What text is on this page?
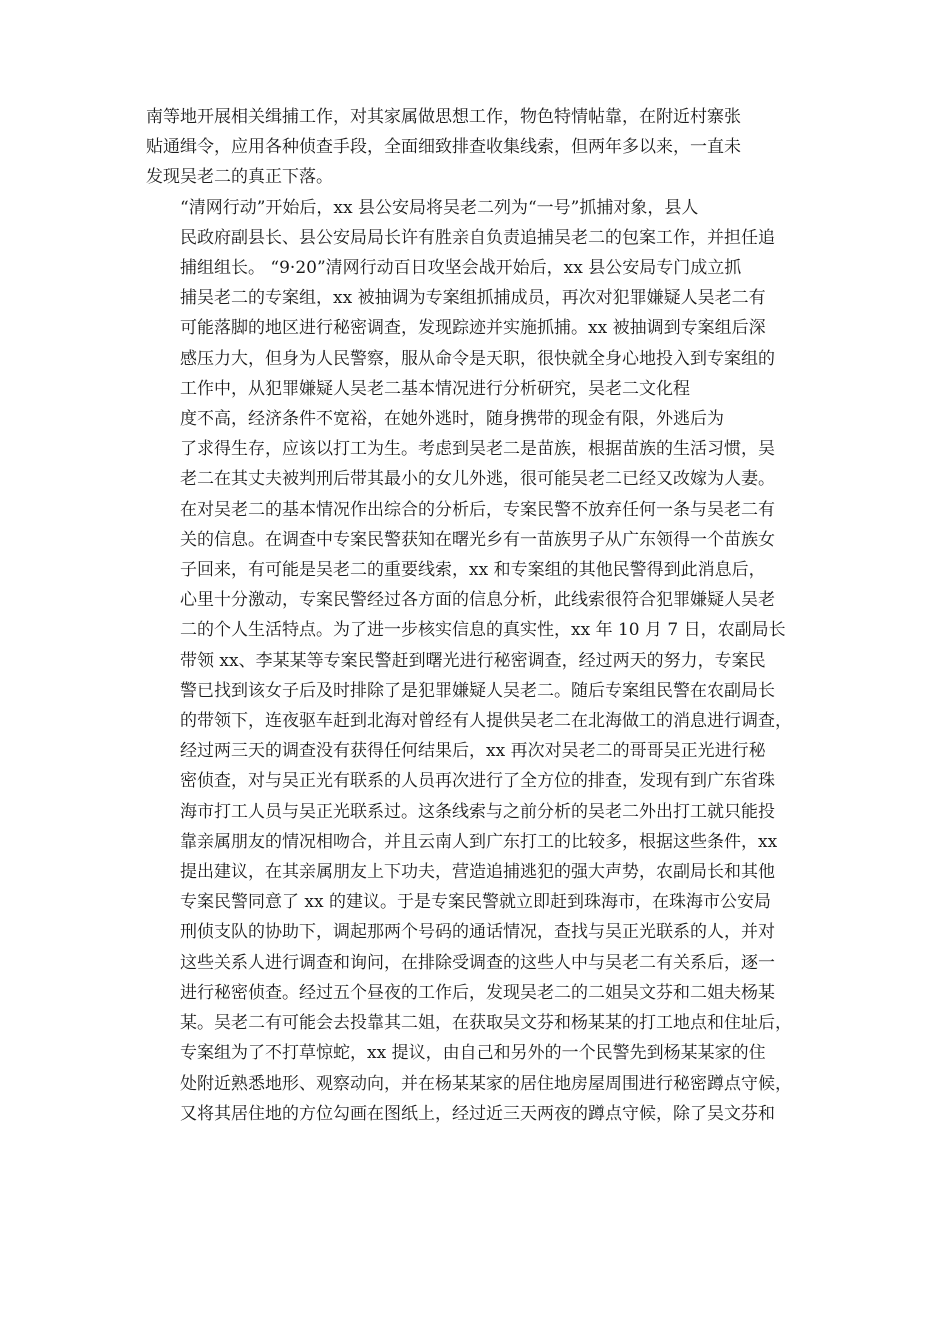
南等地开展相关缉捕工作，对其家属做思想工作，物色特情帖靠，在附近村寨张
贴通缉令，应用各种侦查手段，全面细致排查收集线索，但两年多以来，一直未
发现吴老二的真正下落。
“清网行动”开始后，xx 县公安局将吴老二列为“一号”抓捕对象，县人
民政府副县长、县公安局局长许有胜亲自负责追捕吴老二的包案工作，并担任追
捕组组长。 “9·20”清网行动百日攻坚会战开始后，xx 县公安局专门成立抓
捕吴老二的专案组，xx 被抽调为专案组抓捕成员，再次对犯罪嫌疑人吴老二有
可能落脚的地区进行秘密调查，发现踪迹并实施抓捕。xx 被抽调到专案组后深
感压力大，但身为人民警察，服从命令是天职，很快就全身心地投入到专案组的
工作中，从犯罪嫌疑人吴老二基本情况进行分析研究，吴老二文化程
度不高，经济条件不宽裕，在她外逃时，随身携带的现金有限，外逃后为
了求得生存，应该以打工为生。考虑到吴老二是苗族，根据苗族的生活习惯，吴
老二在其丈夫被判刑后带其最小的女儿外逃，很可能吴老二已经又改嫁为人妻。
在对吴老二的基本情况作出综合的分析后，专案民警不放弃任何一条与吴老二有
关的信息。在调查中专案民警获知在曙光乡有一苗族男子从广东领得一个苗族女
子回来，有可能是吴老二的重要线索，xx 和专案组的其他民警得到此消息后，
心里十分激动，专案民警经过各方面的信息分析，此线索很符合犯罪嫌疑人吴老
二的个人生活特点。为了进一步核实信息的真实性，xx 年 10 月 7 日，农副局长
带领 xx、李某某等专案民警赶到曙光进行秘密调查，经过两天的努力，专案民
警已找到该女子后及时排除了是犯罪嫌疑人吴老二。随后专案组民警在农副局长
的带领下，连夜驱车赶到北海对曾经有人提供吴老二在北海做工的消息进行调查，
经过两三天的调查没有获得任何结果后，xx 再次对吴老二的哥哥吴正光进行秘
密侦查，对与吴正光有联系的人员再次进行了全方位的排查，发现有到广东省珠
海市打工人员与吴正光联系过。这条线索与之前分析的吴老二外出打工就只能投
靠亲属朋友的情况相吻合，并且云南人到广东打工的比较多，根据这些条件，xx
提出建议，在其亲属朋友上下功夫，营造追捕逃犯的强大声势，农副局长和其他
专案民警同意了 xx 的建议。于是专案民警就立即赶到珠海市，在珠海市公安局
刑侦支队的协助下，调起那两个号码的通话情况，查找与吴正光联系的人，并对
这些关系人进行调查和询问，在排除受调查的这些人中与吴老二有关系后，逐一
进行秘密侦查。经过五个昼夜的工作后，发现吴老二的二姐吴文芬和二姐夫杨某
某。吴老二有可能会去投靠其二姐，在获取吴文芬和杨某某的打工地点和住址后，
专案组为了不打草惊蛇，xx 提议，由自己和另外的一个民警先到杨某某家的住
处附近熟悉地形、观察动向，并在杨某某家的居住地房屋周围进行秘密蹲点守候，
又将其居住地的方位勾画在图纸上，经过近三天两夜的蹲点守候，除了吴文芬和
